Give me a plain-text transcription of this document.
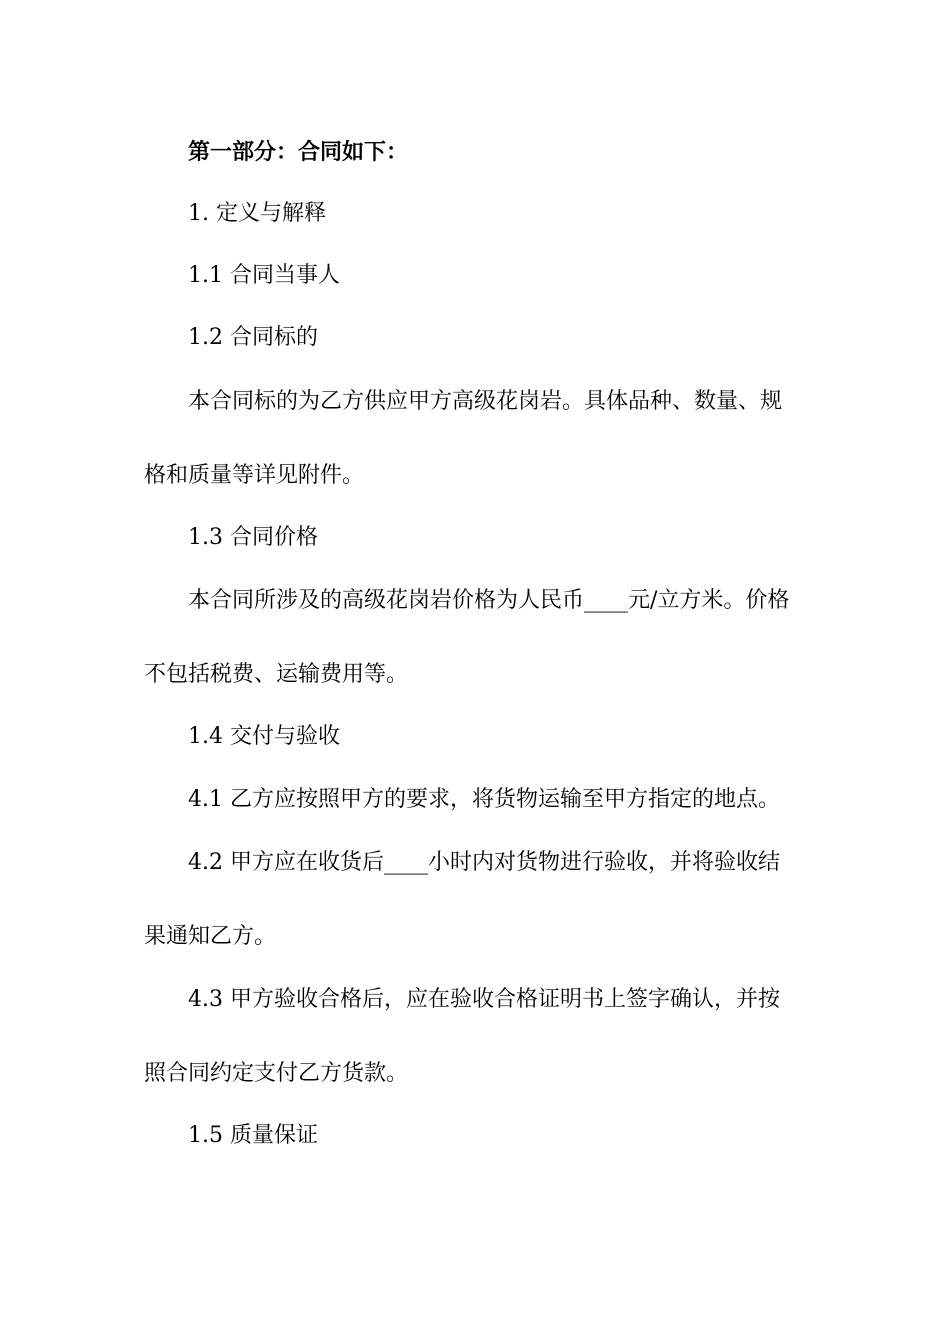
第一部分：合同如下：
1. 定义与解释
1.1 合同当事人
1.2 合同标的
本合同标的为乙方供应甲方高级花岗岩。具体品种、数量、规
格和质量等详见附件。
1.3 合同价格
本合同所涉及的高级花岗岩价格为人民币____元/立方米。价格
不包括税费、运输费用等。
1.4 交付与验收
4.1 乙方应按照甲方的要求，将货物运输至甲方指定的地点。
4.2 甲方应在收货后____小时内对货物进行验收，并将验收结
果通知乙方。
4.3 甲方验收合格后，应在验收合格证明书上签字确认，并按
照合同约定支付乙方货款。
1.5 质量保证
